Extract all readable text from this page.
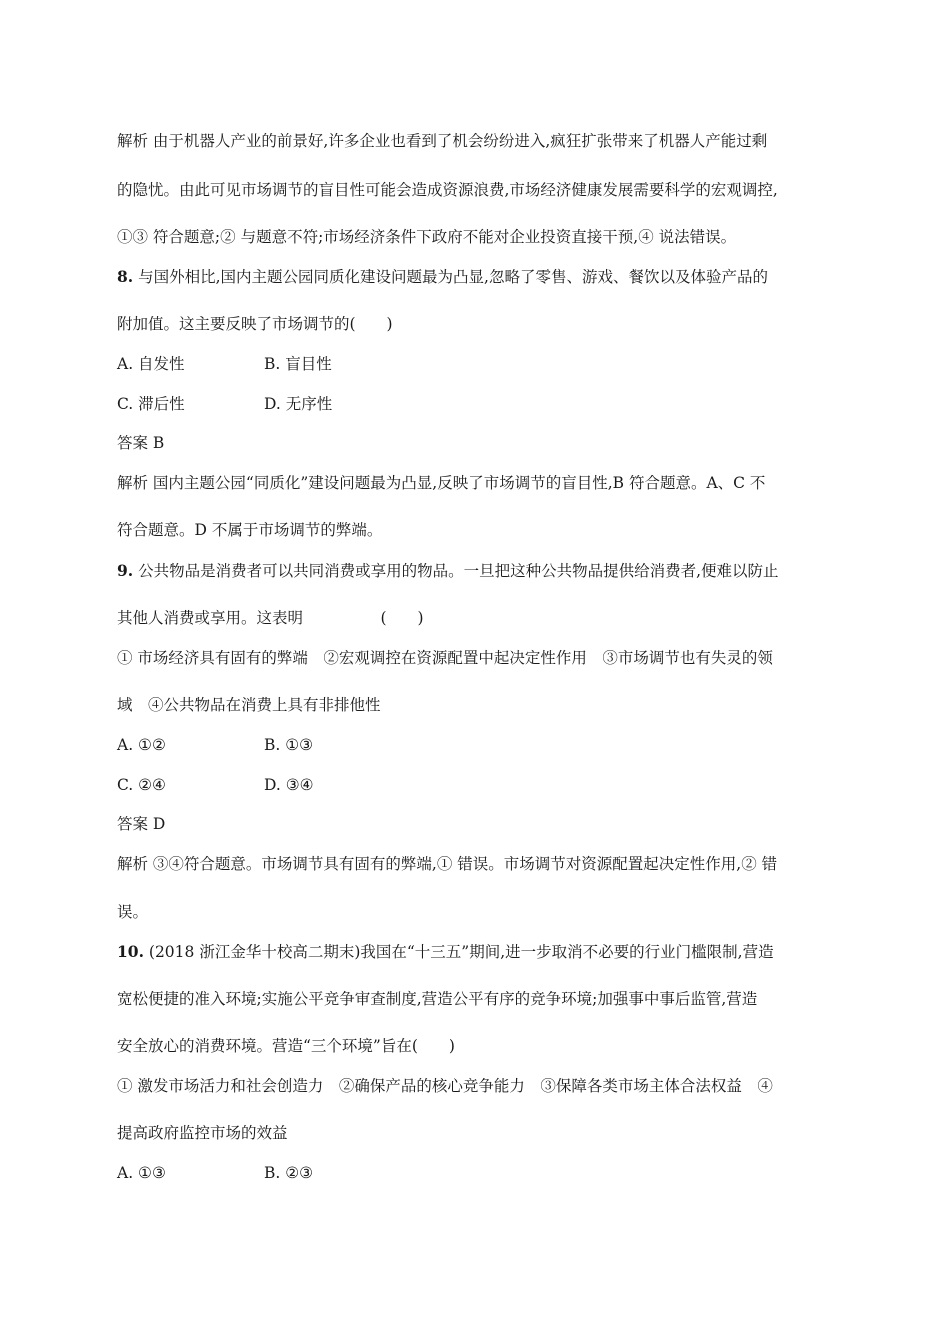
解析 由于机器人产业的前景好,许多企业也看到了机会纷纷进入,疯狂扩张带来了机器人产能过剩
的隐忧。由此可见市场调节的盲目性可能会造成资源浪费,市场经济健康发展需要科学的宏观调控,
①③ 符合题意;② 与题意不符;市场经济条件下政府不能对企业投资直接干预,④ 说法错误。
8. 与国外相比,国内主题公园同质化建设问题最为凸显,忽略了零售、游戏、餐饮以及体验产品的
附加值。这主要反映了市场调节的(　　)
A. 自发性	B. 盲目性
C. 滞后性	D. 无序性
答案 B
解析 国内主题公园“同质化”建设问题最为凸显,反映了市场调节的盲目性,B 符合题意。A、C 不
符合题意。D 不属于市场调节的弊端。
9. 公共物品是消费者可以共同消费或享用的物品。一旦把这种公共物品提供给消费者,便难以防止
其他人消费或享用。这表明　　　　　(　　)
① 市场经济具有固有的弊端　②宏观调控在资源配置中起决定性作用　③市场调节也有失灵的领
域　④公共物品在消费上具有非排他性
A. ①②	B. ①③
C. ②④	D. ③④
答案 D
解析 ③④符合题意。市场调节具有固有的弊端,① 错误。市场调节对资源配置起决定性作用,② 错
误。
10. (2018 浙江金华十校高二期末)我国在“十三五”期间,进一步取消不必要的行业门槛限制,营造
宽松便捷的准入环境;实施公平竞争审查制度,营造公平有序的竞争环境;加强事中事后监管,营造
安全放心的消费环境。营造“三个环境”旨在(　　)
① 激发市场活力和社会创造力　②确保产品的核心竞争能力　③保障各类市场主体合法权益　④
提高政府监控市场的效益
A. ①③	B. ②③
